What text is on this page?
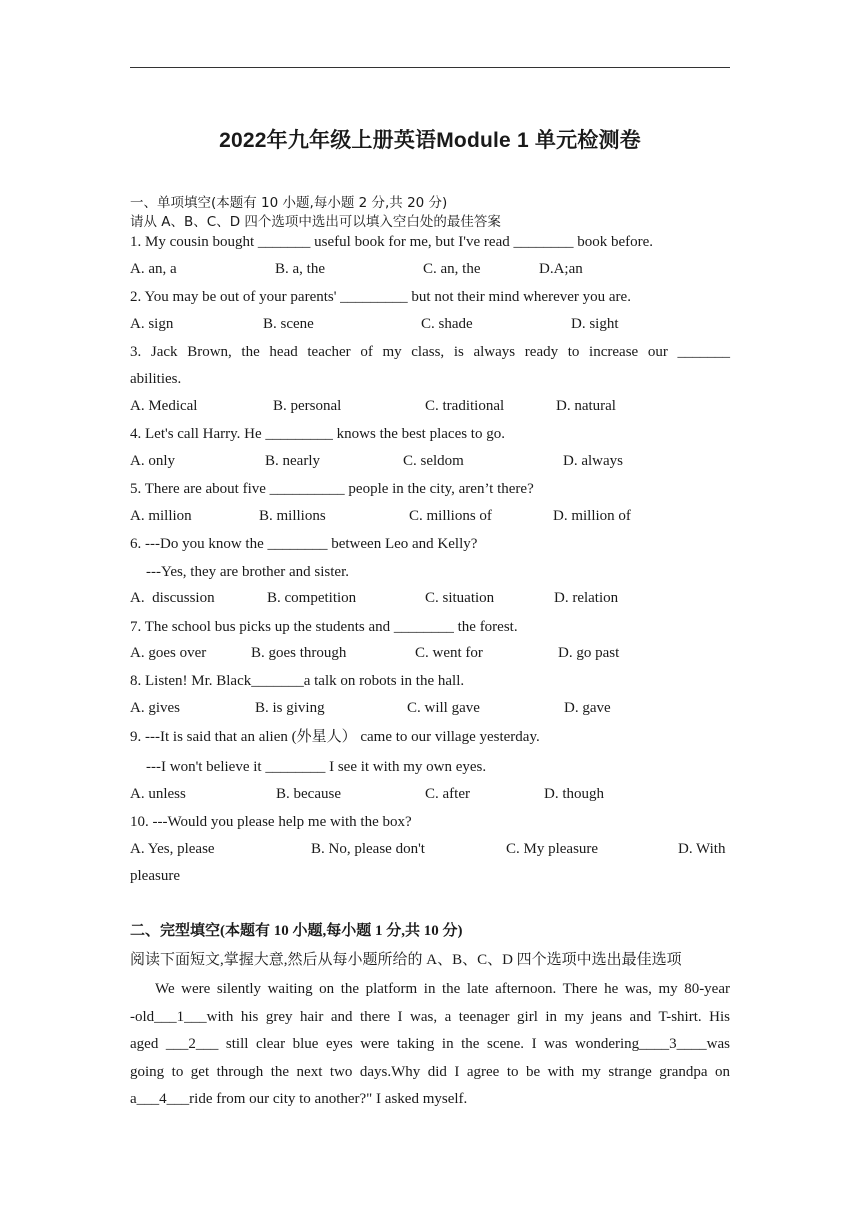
2022年九年级上册英语Module 1 单元检测卷
一、单项填空(本题有 10 小题,每小题 2 分,共 20 分)
请从 A、B、C、D 四个选项中选出可以填入空白处的最佳答案
1. My cousin bought _______ useful book for me, but I've read ________ book before.
A. an, a	B. a, the	C. an, the	D.A;an
2. You may be out of your parents' _________ but not their mind wherever you are.
A. sign	B. scene	C. shade	D. sight
3. Jack Brown, the head teacher of my class, is always ready to increase our _______
abilities.
A. Medical	B. personal	C. traditional	D. natural
4. Let's call Harry. He _________ knows the best places to go.
A. only	B. nearly	C. seldom	D. always
5. There are about five __________ people in the city, aren’t there?
A. million	B. millions	C. millions of	D. million of
6. ---Do you know the ________ between Leo and Kelly?
---Yes, they are brother and sister.
A.  discussion	B. competition	C. situation	D. relation
7. The school bus picks up the students and ________ the forest.
A. goes over	B. goes through	C. went for	D. go past
8. Listen! Mr. Black_______a talk on robots in the hall.
A. gives	B. is giving	C. will gave	D. gave
9. ---It is said that an alien (外星人） came to our village yesterday.
---I won't believe it ________ I see it with my own eyes.
A. unless	B. because	C. after	D. though
10. ---Would you please help me with the box?
A. Yes, please	B. No, please don't	C. My pleasure	D. With
pleasure
二、完型填空(本题有 10 小题,每小题 1 分,共 10 分)
阅读下面短文,掌握大意,然后从每小题所给的 A、B、C、D 四个选项中选出最佳选项
We were silently waiting on the platform in the late afternoon. There he was, my 80-year
-old___1___with his grey hair and there I was, a teenager girl in my jeans and T-shirt. His
aged ___2___ still clear blue eyes were taking in the scene. I was wondering____3____was
going to get through the next two days.Why did I agree to be with my strange grandpa on
a___4___ride from our city to another?" I asked myself.
